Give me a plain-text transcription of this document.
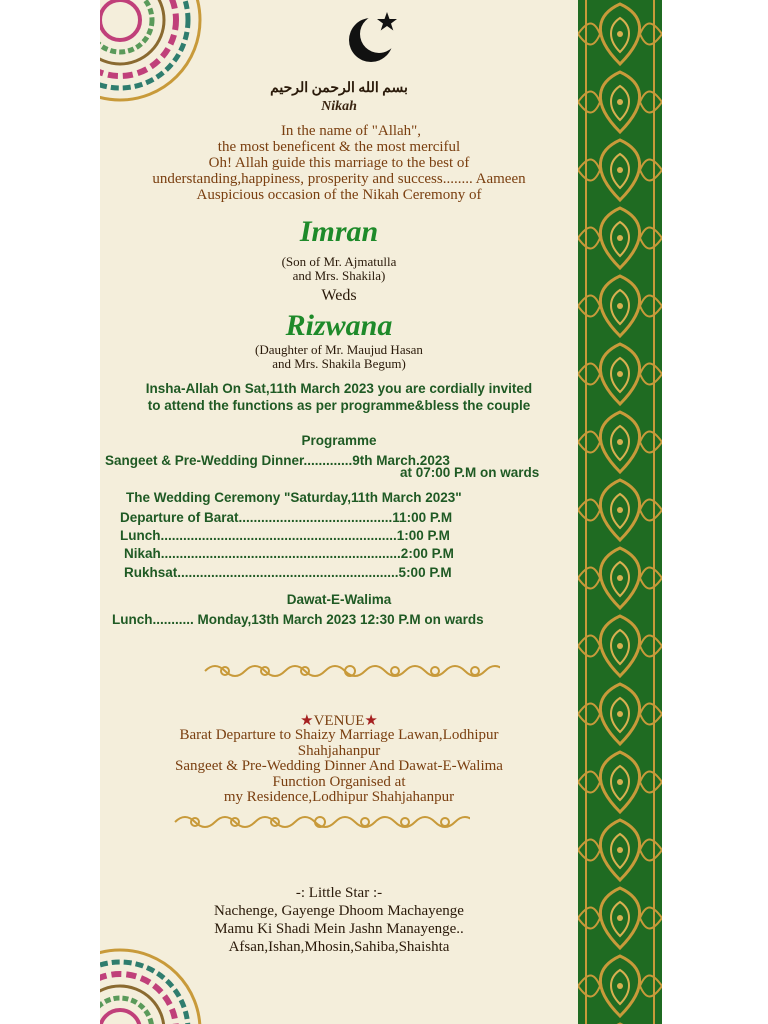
بسم الله الرحمن الرحيم

Nikah

In the name of "Allah",
the most beneficent & the most merciful
Oh! Allah guide this marriage to the best of
understanding,happiness, prosperity and success........ Aameen
Auspicious occasion of the Nikah Ceremony of

Imran

(Son of Mr. Ajmatulla
and Mrs. Shakila)

Weds

Rizwana

(Daughter of Mr. Maujud Hasan
and Mrs. Shakila Begum)
Insha-Allah On Sat,11th March 2023 you are cordially invited
to attend the functions as per programme&bless the couple

Programme

Sangeet & Pre-Wedding Dinner.............9th March.2023

at 07:00 P.M on wards

The Wedding Ceremony "Saturday,11th March 2023"

Departure of Barat.........................................11:00 P.M

Lunch...............................................................1:00 P.M

Nikah................................................................2:00 P.M

Rukhsat...........................................................5:00 P.M

Dawat-E-Walima

Lunch........... Monday,13th March 2023 12:30 P.M on wards

★VENUE★

Barat Departure to Shaizy Marriage Lawan,Lodhipur
Shahjahanpur
Sangeet & Pre-Wedding Dinner And Dawat-E-Walima
Function Organised at
my Residence,Lodhipur Shahjahanpur
-: Little Star :-
Nachenge, Gayenge Dhoom Machayenge
Mamu Ki Shadi Mein Jashn Manayenge..
Afsan,Ishan,Mhosin,Sahiba,Shaishta
